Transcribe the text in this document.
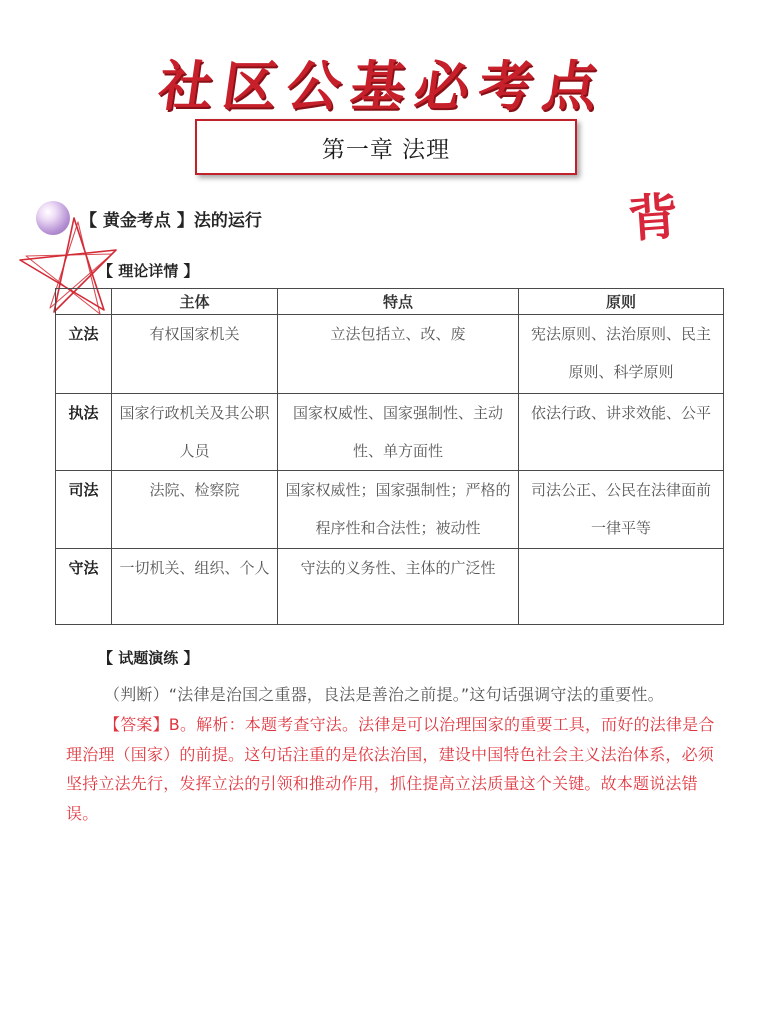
社区公基必考点
第一章 法理
背
【 黄金考点 】法的运行
【 理论详情 】
	主体	特点	原则
立法	有权国家机关	立法包括立、改、废	宪法原则、法治原则、民主原则、科学原则
执法	国家行政机关及其公职人员	国家权威性、国家强制性、主动性、单方面性	依法行政、讲求效能、公平
司法	法院、检察院	国家权威性；国家强制性；严格的程序性和合法性；被动性	司法公正、公民在法律面前一律平等
守法	一切机关、组织、个人	守法的义务性、主体的广泛性	
【 试题演练 】
（判断）“法律是治国之重器，良法是善治之前提。”这句话强调守法的重要性。
【答案】B。解析：本题考查守法。法律是可以治理国家的重要工具，而好的法律是合理治理（国家）的前提。这句话注重的是依法治国，建设中国特色社会主义法治体系，必须坚持立法先行，发挥立法的引领和推动作用，抓住提高立法质量这个关键。故本题说法错误。
